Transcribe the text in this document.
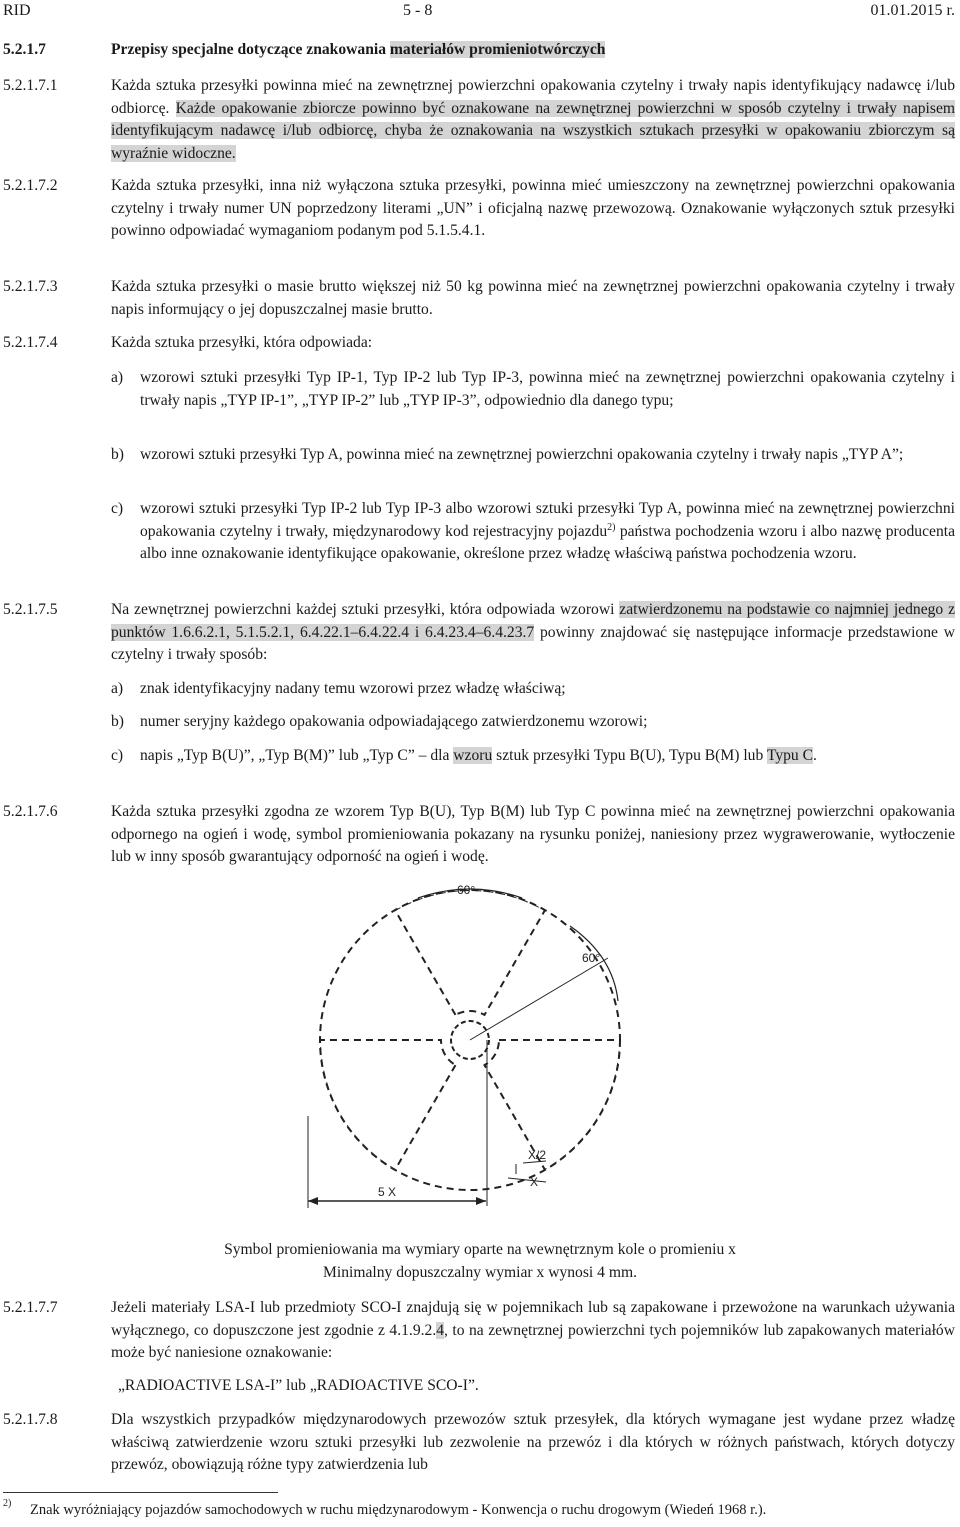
RID	5 - 8	01.01.2015 r.
5.2.1.7	Przepisy specjalne dotyczące znakowania materiałów promieniotwórczych
5.2.1.7.1	Każda sztuka przesyłki powinna mieć na zewnętrznej powierzchni opakowania czytelny i trwały napis identyfikujący nadawcę i/lub odbiorcę. Każde opakowanie zbiorcze powinno być oznakowane na zewnętrznej powierzchni w sposób czytelny i trwały napisem identyfikującym nadawcę i/lub odbiorcę, chyba że oznakowania na wszystkich sztukach przesyłki w opakowaniu zbiorczym są wyraźnie widoczne.
5.2.1.7.2	Każda sztuka przesyłki, inna niż wyłączona sztuka przesyłki, powinna mieć umieszczony na zewnętrznej powierzchni opakowania czytelny i trwały numer UN poprzedzony literami „UN” i oficjalną nazwę przewozową. Oznakowanie wyłączonych sztuk przesyłki powinno odpowiadać wymaganiom podanym pod 5.1.5.4.1.
5.2.1.7.3	Każda sztuka przesyłki o masie brutto większej niż 50 kg powinna mieć na zewnętrznej powierzchni opakowania czytelny i trwały napis informujący o jej dopuszczalnej masie brutto.
5.2.1.7.4	Każda sztuka przesyłki, która odpowiada:
a) wzorowi sztuki przesyłki Typ IP-1, Typ IP-2 lub Typ IP-3, powinna mieć na zewnętrznej powierzchni opakowania czytelny i trwały napis „TYP IP-1”, „TYP IP-2” lub „TYP IP-3”, odpowiednio dla danego typu;
b) wzorowi sztuki przesyłki Typ A, powinna mieć na zewnętrznej powierzchni opakowania czytelny i trwały napis „TYP A”;
c) wzorowi sztuki przesyłki Typ IP-2 lub Typ IP-3 albo wzorowi sztuki przesyłki Typ A, powinna mieć na zewnętrznej powierzchni opakowania czytelny i trwały, międzynarodowy kod rejestracyjny pojazdu$^{2)}$ państwa pochodzenia wzoru i albo nazwę producenta albo inne oznakowanie identyfikujące opakowanie, określone przez władzę właściwą państwa pochodzenia wzoru.
5.2.1.7.5	Na zewnętrznej powierzchni każdej sztuki przesyłki, która odpowiada wzorowi zatwierdzonemu na podstawie co najmniej jednego z punktów 1.6.6.2.1, 5.1.5.2.1, 6.4.22.1–6.4.22.4 i 6.4.23.4–6.4.23.7 powinny znajdować się następujące informacje przedstawione w czytelny i trwały sposób:
a) znak identyfikacyjny nadany temu wzorowi przez władzę właściwą;
b) numer seryjny każdego opakowania odpowiadającego zatwierdzonemu wzorowi;
c) napis „Typ B(U)”, „Typ B(M)” lub „Typ C” – dla wzoru sztuk przesyłki Typu B(U), Typu B(M) lub Typu C.
5.2.1.7.6	Każda sztuka przesyłki zgodna ze wzorem Typ B(U), Typ B(M) lub Typ C powinna mieć na zewnętrznej powierzchni opakowania odpornego na ogień i wodę, symbol promieniowania pokazany na rysunku poniżej, naniesiony przez wygrawerowanie, wytłoczenie lub w inny sposób gwarantujący odporność na ogień i wodę.
60°
60°
X/2
X
5 X
Symbol promieniowania ma wymiary oparte na wewnętrznym kole o promieniu x
Minimalny dopuszczalny wymiar x wynosi 4 mm.
5.2.1.7.7	Jeżeli materiały LSA-I lub przedmioty SCO-I znajdują się w pojemnikach lub są zapakowane i przewożone na warunkach używania wyłącznego, co dopuszczone jest zgodnie z 4.1.9.2.4, to na zewnętrznej powierzchni tych pojemników lub zapakowanych materiałów może być naniesione oznakowanie:
„RADIOACTIVE LSA-I” lub „RADIOACTIVE SCO-I”.
5.2.1.7.8	Dla wszystkich przypadków międzynarodowych przewozów sztuk przesyłek, dla których wymagane jest wydane przez władzę właściwą zatwierdzenie wzoru sztuki przesyłki lub zezwolenie na przewóz i dla których w różnych państwach, których dotyczy przewóz, obowiązują różne typy zatwierdzenia lub
2) Znak wyróżniający pojazdów samochodowych w ruchu międzynarodowym - Konwencja o ruchu drogowym (Wiedeń 1968 r.).
